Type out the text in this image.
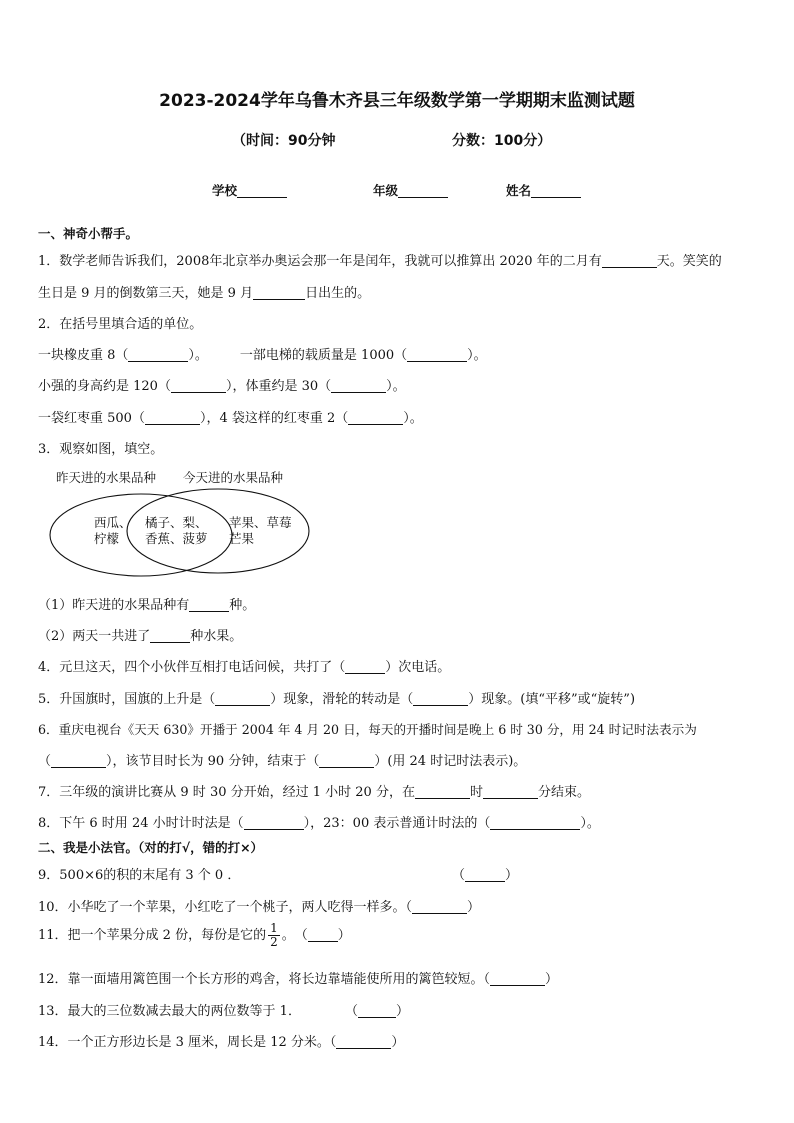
2023-2024学年乌鲁木齐县三年级数学第一学期期末监测试题
（时间：90分钟	分数：100分）
学校	年级	姓名
一、神奇小帮手。
1．数学老师告诉我们，2008年北京举办奥运会那一年是闰年，我就可以推算出 2020 年的二月有	天。笑笑的
生日是 9 月的倒数第三天，她是 9 月	日出生的。
2．在括号里填合适的单位。
一块橡皮重 8（	）。 一部电梯的载质量是 1000（	）。
小强的身高约是 120（	），体重约是 30（	）。
一袋红枣重 500（	），4 袋这样的红枣重 2（	）。
3．观察如图，填空。
昨天进的水果品种 今天进的水果品种
西瓜、
柠檬
橘子、梨、
香蕉、菠萝
苹果、草莓
芒果
（1）昨天进的水果品种有	种。
（2）两天一共进了	种水果。
4．元旦这天，四个小伙伴互相打电话问候，共打了（	）次电话。
5．升国旗时，国旗的上升是（	）现象，滑轮的转动是（	）现象。(填“平移”或“旋转”)
6．重庆电视台《天天 630》开播于 2004 年 4 月 20 日，每天的开播时间是晚上 6 时 30 分，用 24 时记时法表示为
（	），该节目时长为 90 分钟，结束于（	）(用 24 时记时法表示)。
7．三年级的演讲比赛从 9 时 30 分开始，经过 1 小时 20 分，在	时	分结束。
8．下午 6 时用 24 小时计时法是（	），23：00 表示普通计时法的（	）。
二、我是小法官。（对的打√，错的打×）
9．500×6的积的末尾有 3 个 0 ．	（	）
10．小华吃了一个苹果，小红吃了一个桃子，两人吃得一样多。（	）
11．把一个苹果分成 2 份，每份是它的 $\frac{1}{2}$ 。　（ ）
12．靠一面墙用篱笆围一个长方形的鸡舍，将长边靠墙能使所用的篱笆较短。（	）
13．最大的三位数减去最大的两位数等于 1．	（	）
14．一个正方形边长是 3 厘米，周长是 12 分米。（	）
